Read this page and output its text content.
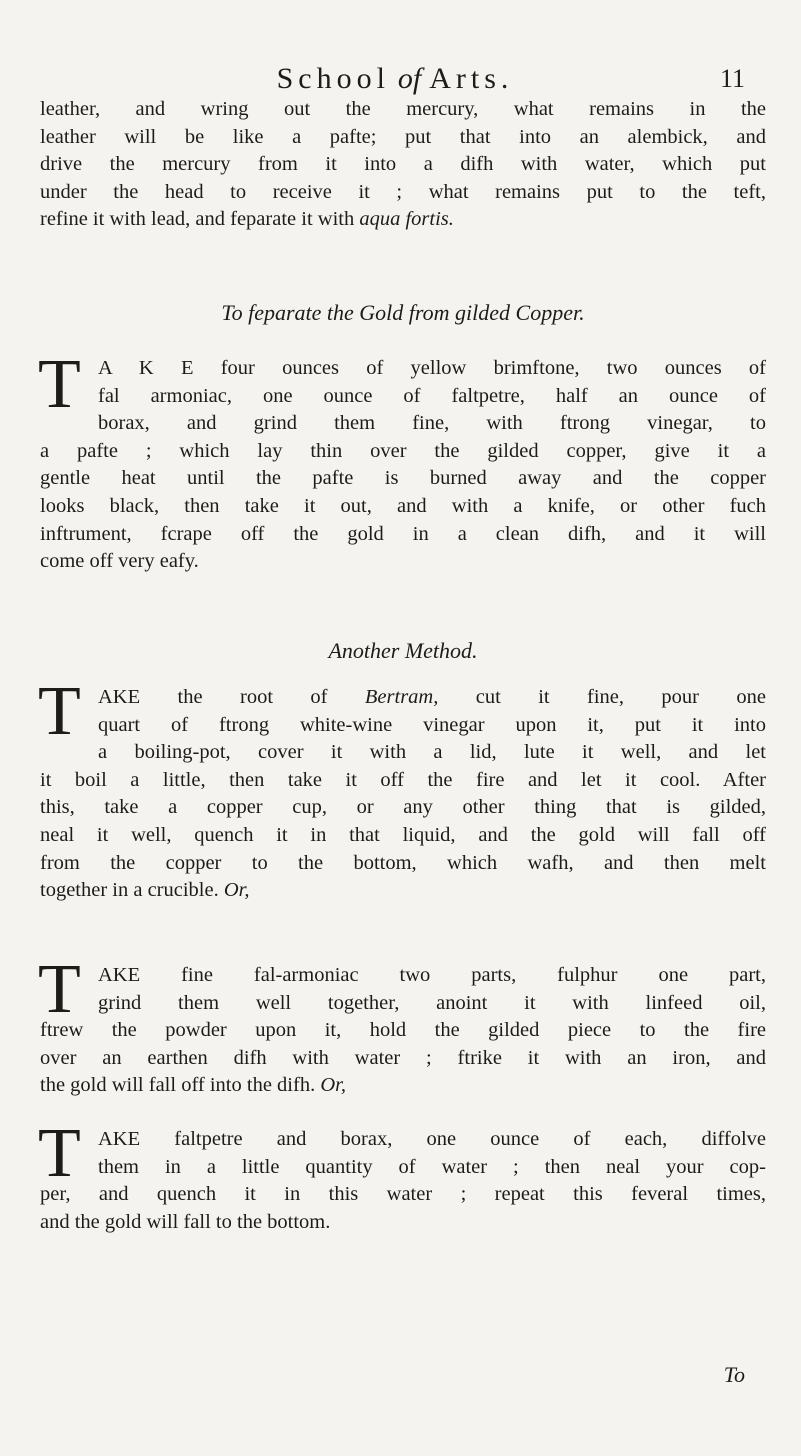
School of Arts.	11
leather, and wring out the mercury, what remains in the
leather will be like a pafte; put that into an alembick, and
drive the mercury from it into a difh with water, which put
under the head to receive it ; what remains put to the teft,
refine it with lead, and feparate it with aqua fortis.
To feparate the Gold from gilded Copper.
T A K E four ounces of yellow brimftone, two ounces of
fal armoniac, one ounce of faltpetre, half an ounce of
borax, and grind them fine, with ftrong vinegar, to
a pafte ; which lay thin over the gilded copper, give it a
gentle heat until the pafte is burned away and the copper
looks black, then take it out, and with a knife, or other fuch
inftrument, fcrape off the gold in a clean difh, and it will
come off very eafy.
Another Method.
T AKE the root of Bertram, cut it fine, pour one
quart of ftrong white-wine vinegar upon it, put it into
a boiling-pot, cover it with a lid, lute it well, and let
it boil a little, then take it off the fire and let it cool. After
this, take a copper cup, or any other thing that is gilded,
neal it well, quench it in that liquid, and the gold will fall off
from the copper to the bottom, which wafh, and then melt
together in a crucible. Or,
T AKE fine fal-armoniac two parts, fulphur one part,
grind them well together, anoint it with linfeed oil,
ftrew the powder upon it, hold the gilded piece to the fire
over an earthen difh with water ; ftrike it with an iron, and
the gold will fall off into the difh. Or,
T AKE faltpetre and borax, one ounce of each, diffolve
them in a little quantity of water ; then neal your cop-
per, and quench it in this water ; repeat this feveral times,
and the gold will fall to the bottom.
To
